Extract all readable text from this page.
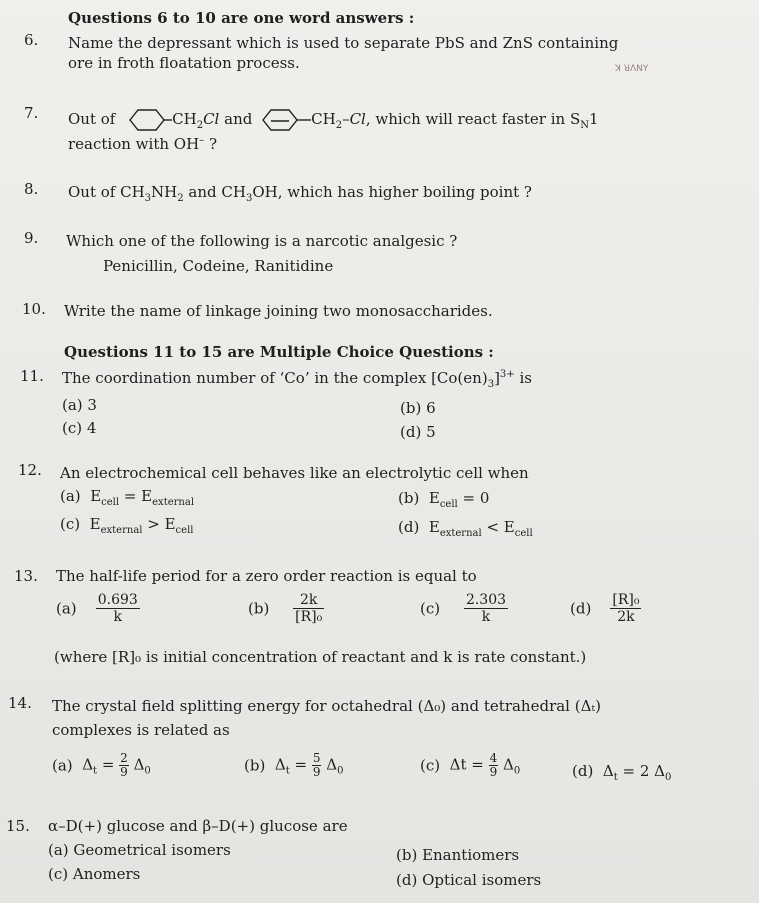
Questions 6 to 10 are one word answers :
6. Name the depressant which is used to separate PbS and ZnS containing
ore in froth floatation process.	ꓘ ꓤꓥꓠꓬ
7. Out of	$CH_2Cl$ and	$CH_2-Cl$, which will react faster in $S_N1$
reaction with OH– ?
8. Out of $CH_3NH_2$ and $CH_3OH$, which has higher boiling point ?
9. Which one of the following is a narcotic analgesic ?
Penicillin, Codeine, Ranitidine
10. Write the name of linkage joining two monosaccharides.
Questions 11 to 15 are Multiple Choice Questions :
11. The coordination number of ‘Co’ in the complex $[Co(en)_3]^{3+}$ is
(a) 3	(b) 6
(c) 4	(d) 5
12. An electrochemical cell behaves like an electrolytic cell when
(a)  $E_{cell} = E_{external}$	(b)  $E_{cell} = 0$
(c)  $E_{external} > E_{cell}$	(d)  $E_{external} < E_{cell}$
13. The half-life period for a zero order reaction is equal to
$(a) \frac{0.693}{k}$	$(b) \frac{2k}{\text{[R]₀}}$	$(c) \frac{2.303}{k}$	$(d) \frac{\text{[R]₀}}{2k}$
(where [R]₀ is initial concentration of reactant and k is rate constant.)
14. The crystal field splitting energy for octahedral (Δ₀) and tetrahedral (Δₜ)
complexes is related as
(a)  $\Delta_t = \frac{2}{9} \Delta_0$	(b)  $\Delta_t = \frac{5}{9} \Delta_0$	(c)  $\Delta t = \frac{4}{9} \Delta_0$	(d)  $\Delta_t = 2$ $\Delta_0$
15. α–D(+) glucose and β–D(+) glucose are
(a) Geometrical isomers	(b) Enantiomers
(c) Anomers	(d) Optical isomers
